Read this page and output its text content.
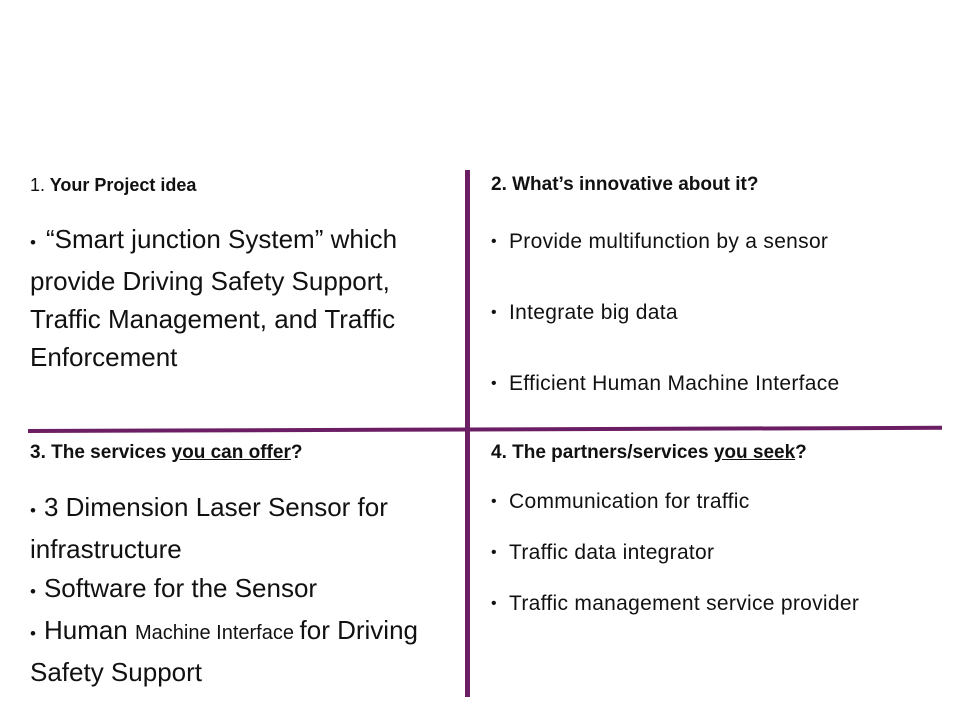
1. Your Project idea

• “Smart junction System” which provide Driving Safety Support, Traffic Management, and Traffic Enforcement

2. What’s innovative about it?

• Provide multifunction by a sensor
• Integrate big data
• Efficient Human Machine Interface

3. The services you can offer?

• 3 Dimension Laser Sensor for infrastructure
• Software for the Sensor
• Human Machine Interface for Driving Safety Support

4. The partners/services you seek?

• Communication for traffic
• Traffic data integrator
• Traffic management service provider
